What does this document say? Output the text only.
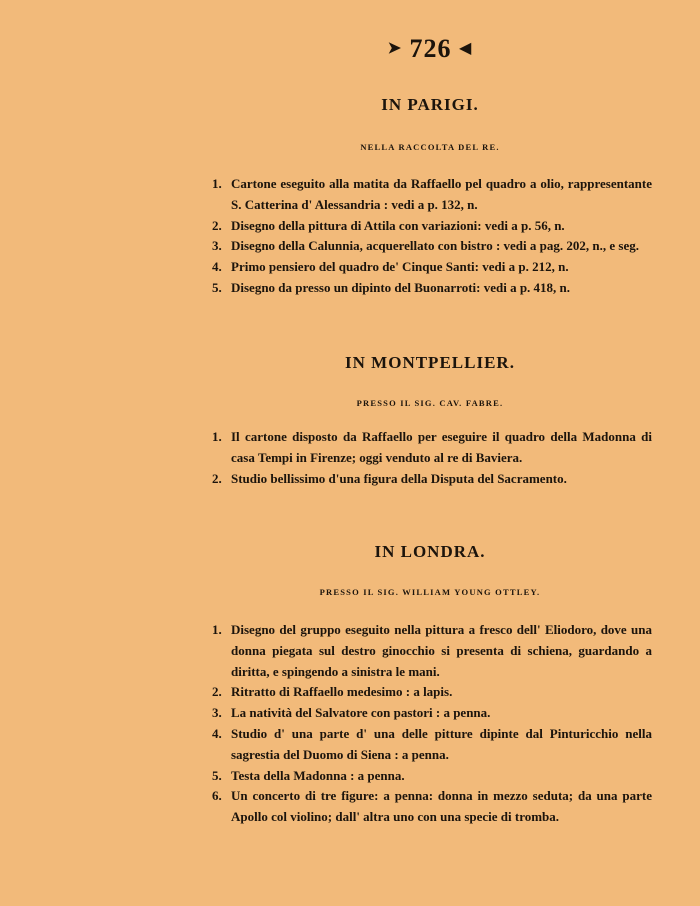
➤ 726 ◀
IN PARIGI.
NELLA RACCOLTA DEL RE.
1. Cartone eseguito alla matita da Raffaello pel quadro a olio, rappresentante S. Catterina d' Alessandria : vedi a p. 132, n.
2. Disegno della pittura di Attila con variazioni: vedi a p. 56, n.
3. Disegno della Calunnia, acquerellato con bistro : vedi a pag. 202, n., e seg.
4. Primo pensiero del quadro de' Cinque Santi: vedi a p. 212, n.
5. Disegno da presso un dipinto del Buonarroti: vedi a p. 418, n.
IN MONTPELLIER.
PRESSO IL SIG. CAV. FABRE.
1. Il cartone disposto da Raffaello per eseguire il quadro della Madonna di casa Tempi in Firenze; oggi venduto al re di Baviera.
2. Studio bellissimo d'una figura della Disputa del Sacramento.
IN LONDRA.
PRESSO IL SIG. WILLIAM YOUNG OTTLEY.
1. Disegno del gruppo eseguito nella pittura a fresco dell' Eliodoro, dove una donna piegata sul destro ginocchio si presenta di schiena, guardando a diritta, e spingendo a sinistra le mani.
2. Ritratto di Raffaello medesimo : a lapis.
3. La natività del Salvatore con pastori : a penna.
4. Studio d' una parte d' una delle pitture dipinte dal Pinturicchio nella sagrestia del Duomo di Siena : a penna.
5. Testa della Madonna : a penna.
6. Un concerto di tre figure: a penna: donna in mezzo seduta; da una parte Apollo col violino; dall' altra uno con una specie di tromba.
